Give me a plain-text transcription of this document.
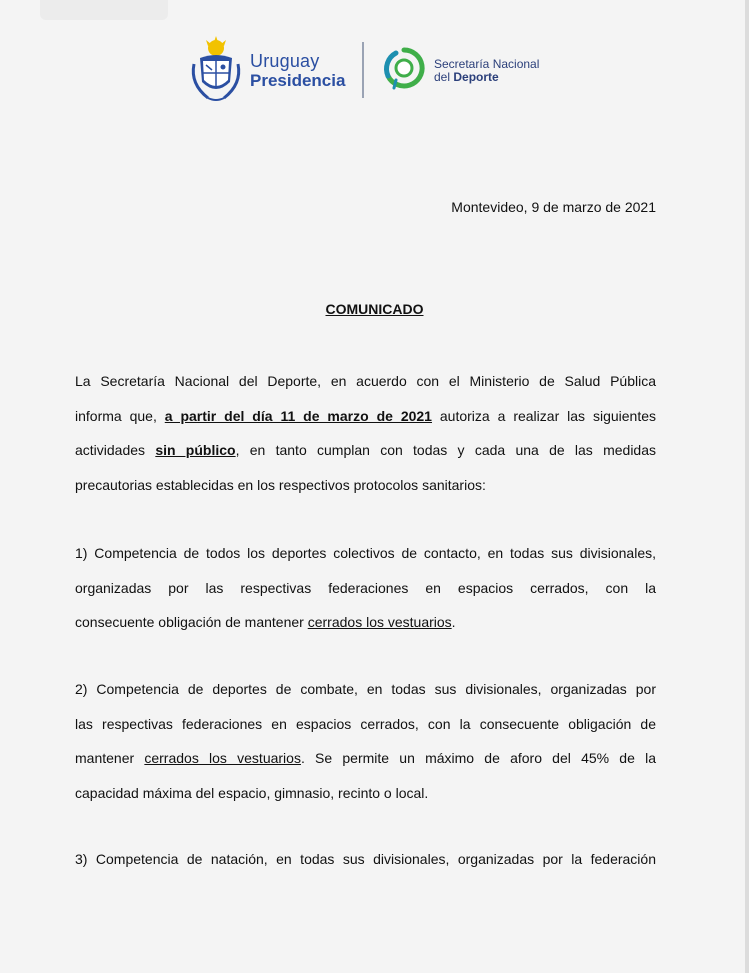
Uruguay
Presidencia
Secretaría Nacional
del Deporte
Montevideo, 9 de marzo de 2021
COMUNICADO
La Secretaría Nacional del Deporte, en acuerdo con el Ministerio de Salud Pública
informa que, a partir del día 11 de marzo de 2021 autoriza a realizar las siguientes
actividades sin público, en tanto cumplan con todas y cada una de las medidas
precautorias establecidas en los respectivos protocolos sanitarios:
1) Competencia de todos los deportes colectivos de contacto, en todas sus divisionales,
organizadas por las respectivas federaciones en espacios cerrados, con la
consecuente obligación de mantener cerrados los vestuarios.
2) Competencia de deportes de combate, en todas sus divisionales, organizadas por
las respectivas federaciones en espacios cerrados, con la consecuente obligación de
mantener cerrados los vestuarios. Se permite un máximo de aforo del 45% de la
capacidad máxima del espacio, gimnasio, recinto o local.
3) Competencia de natación, en todas sus divisionales, organizadas por la federación
